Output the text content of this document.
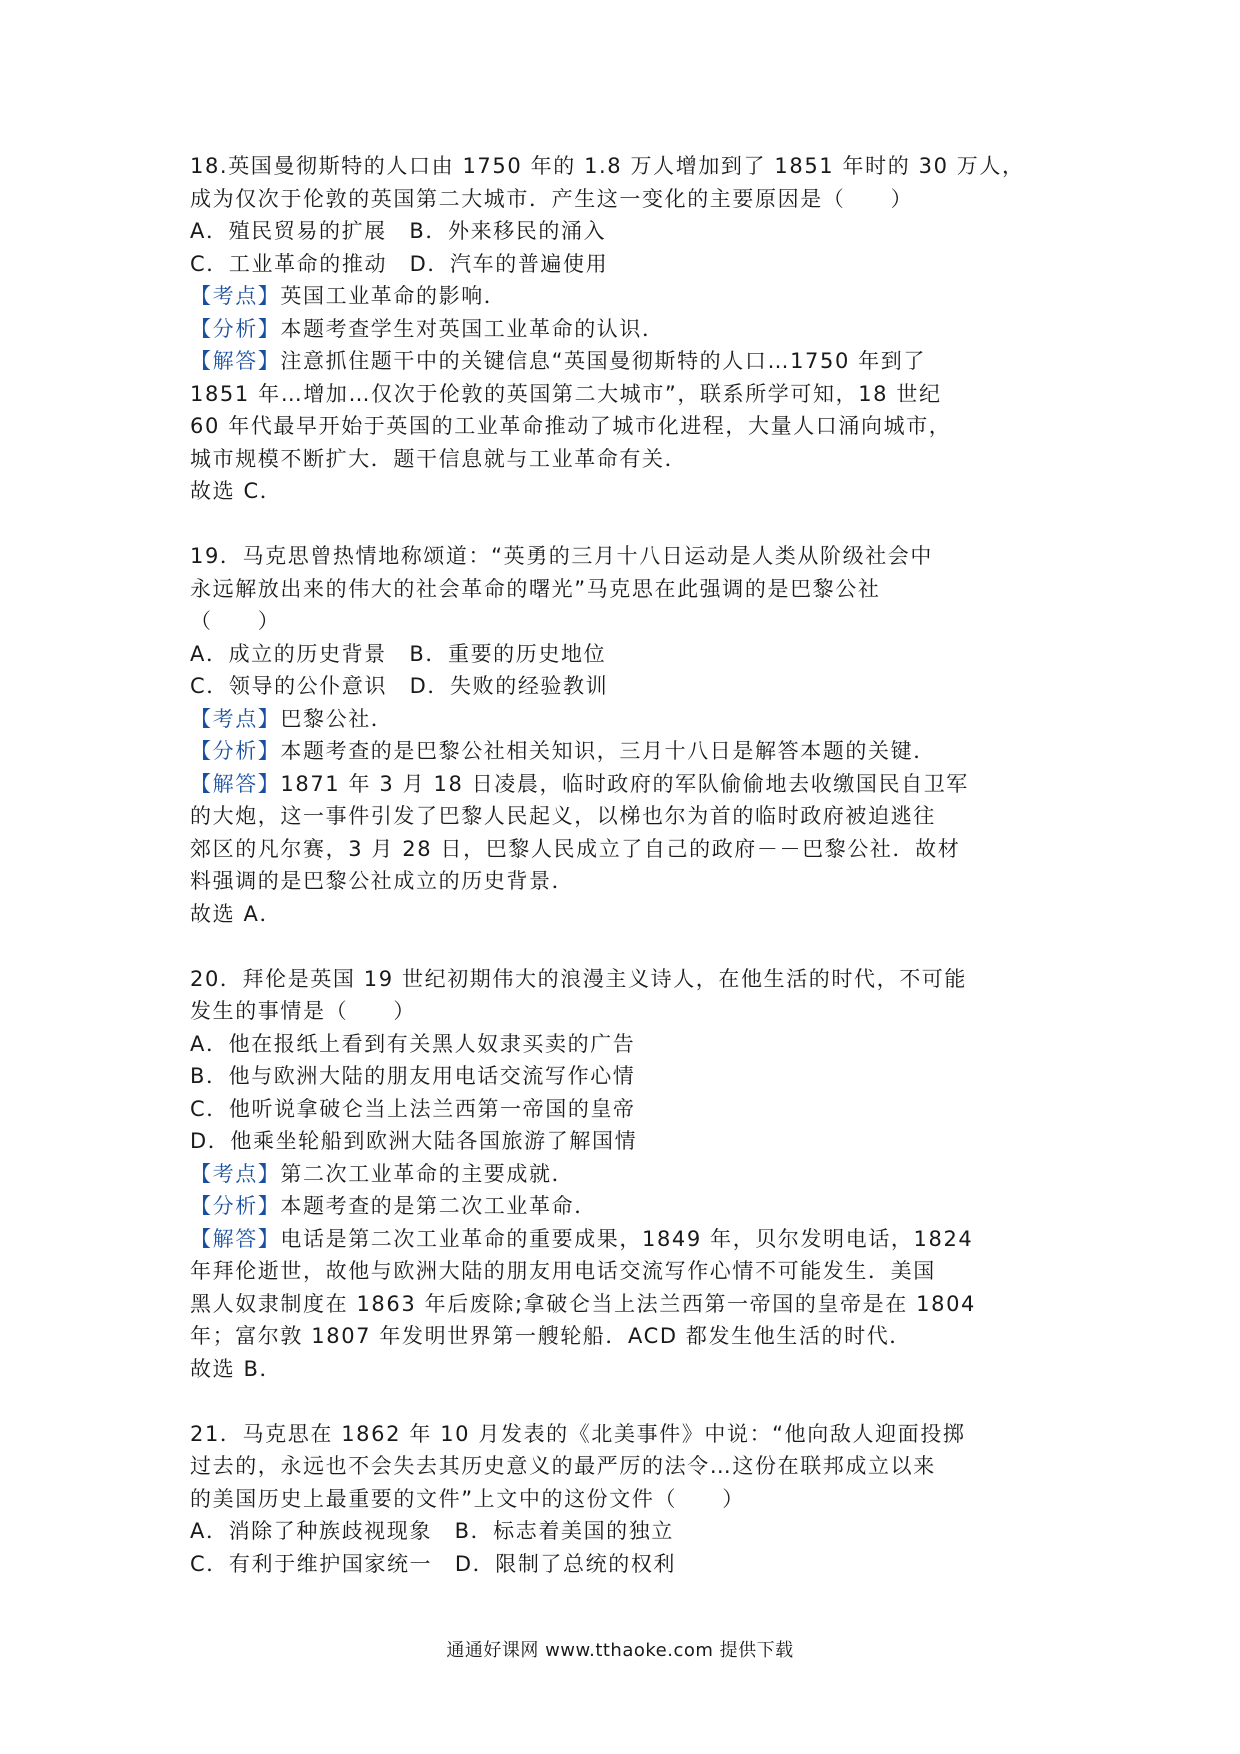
18.英国曼彻斯特的人口由 1750 年的 1.8 万人增加到了 1851 年时的 30 万人，
成为仅次于伦敦的英国第二大城市．产生这一变化的主要原因是（　　）
A．殖民贸易的扩展　B．外来移民的涌入
C．工业革命的推动　D．汽车的普遍使用
【考点】英国工业革命的影响．
【分析】本题考查学生对英国工业革命的认识．
【解答】注意抓住题干中的关键信息“英国曼彻斯特的人口…1750 年到了
1851 年…增加…仅次于伦敦的英国第二大城市”，联系所学可知，18 世纪
60 年代最早开始于英国的工业革命推动了城市化进程，大量人口涌向城市，
城市规模不断扩大．题干信息就与工业革命有关．
故选 C．
19．马克思曾热情地称颂道：“英勇的三月十八日运动是人类从阶级社会中
永远解放出来的伟大的社会革命的曙光”马克思在此强调的是巴黎公社
（　　）
A．成立的历史背景　B．重要的历史地位
C．领导的公仆意识　D．失败的经验教训
【考点】巴黎公社．
【分析】本题考查的是巴黎公社相关知识，三月十八日是解答本题的关键．
【解答】1871 年 3 月 18 日凌晨，临时政府的军队偷偷地去收缴国民自卫军
的大炮，这一事件引发了巴黎人民起义，以梯也尔为首的临时政府被迫逃往
郊区的凡尔赛，3 月 28 日，巴黎人民成立了自己的政府－－巴黎公社．故材
料强调的是巴黎公社成立的历史背景．
故选 A．
20．拜伦是英国 19 世纪初期伟大的浪漫主义诗人，在他生活的时代，不可能
发生的事情是（　　）
A．他在报纸上看到有关黑人奴隶买卖的广告
B．他与欧洲大陆的朋友用电话交流写作心情
C．他听说拿破仑当上法兰西第一帝国的皇帝
D．他乘坐轮船到欧洲大陆各国旅游了解国情
【考点】第二次工业革命的主要成就．
【分析】本题考查的是第二次工业革命．
【解答】电话是第二次工业革命的重要成果，1849 年，贝尔发明电话，1824
年拜伦逝世，故他与欧洲大陆的朋友用电话交流写作心情不可能发生．美国
黑人奴隶制度在 1863 年后废除;拿破仑当上法兰西第一帝国的皇帝是在 1804
年；富尔敦 1807 年发明世界第一艘轮船．ACD 都发生他生活的时代．
故选 B．
21．马克思在 1862 年 10 月发表的《北美事件》中说：“他向敌人迎面投掷
过去的，永远也不会失去其历史意义的最严厉的法令…这份在联邦成立以来
的美国历史上最重要的文件”上文中的这份文件（　　）
A．消除了种族歧视现象　B．标志着美国的独立
C．有利于维护国家统一　D．限制了总统的权利
通通好课网 www.tthaoke.com 提供下载
